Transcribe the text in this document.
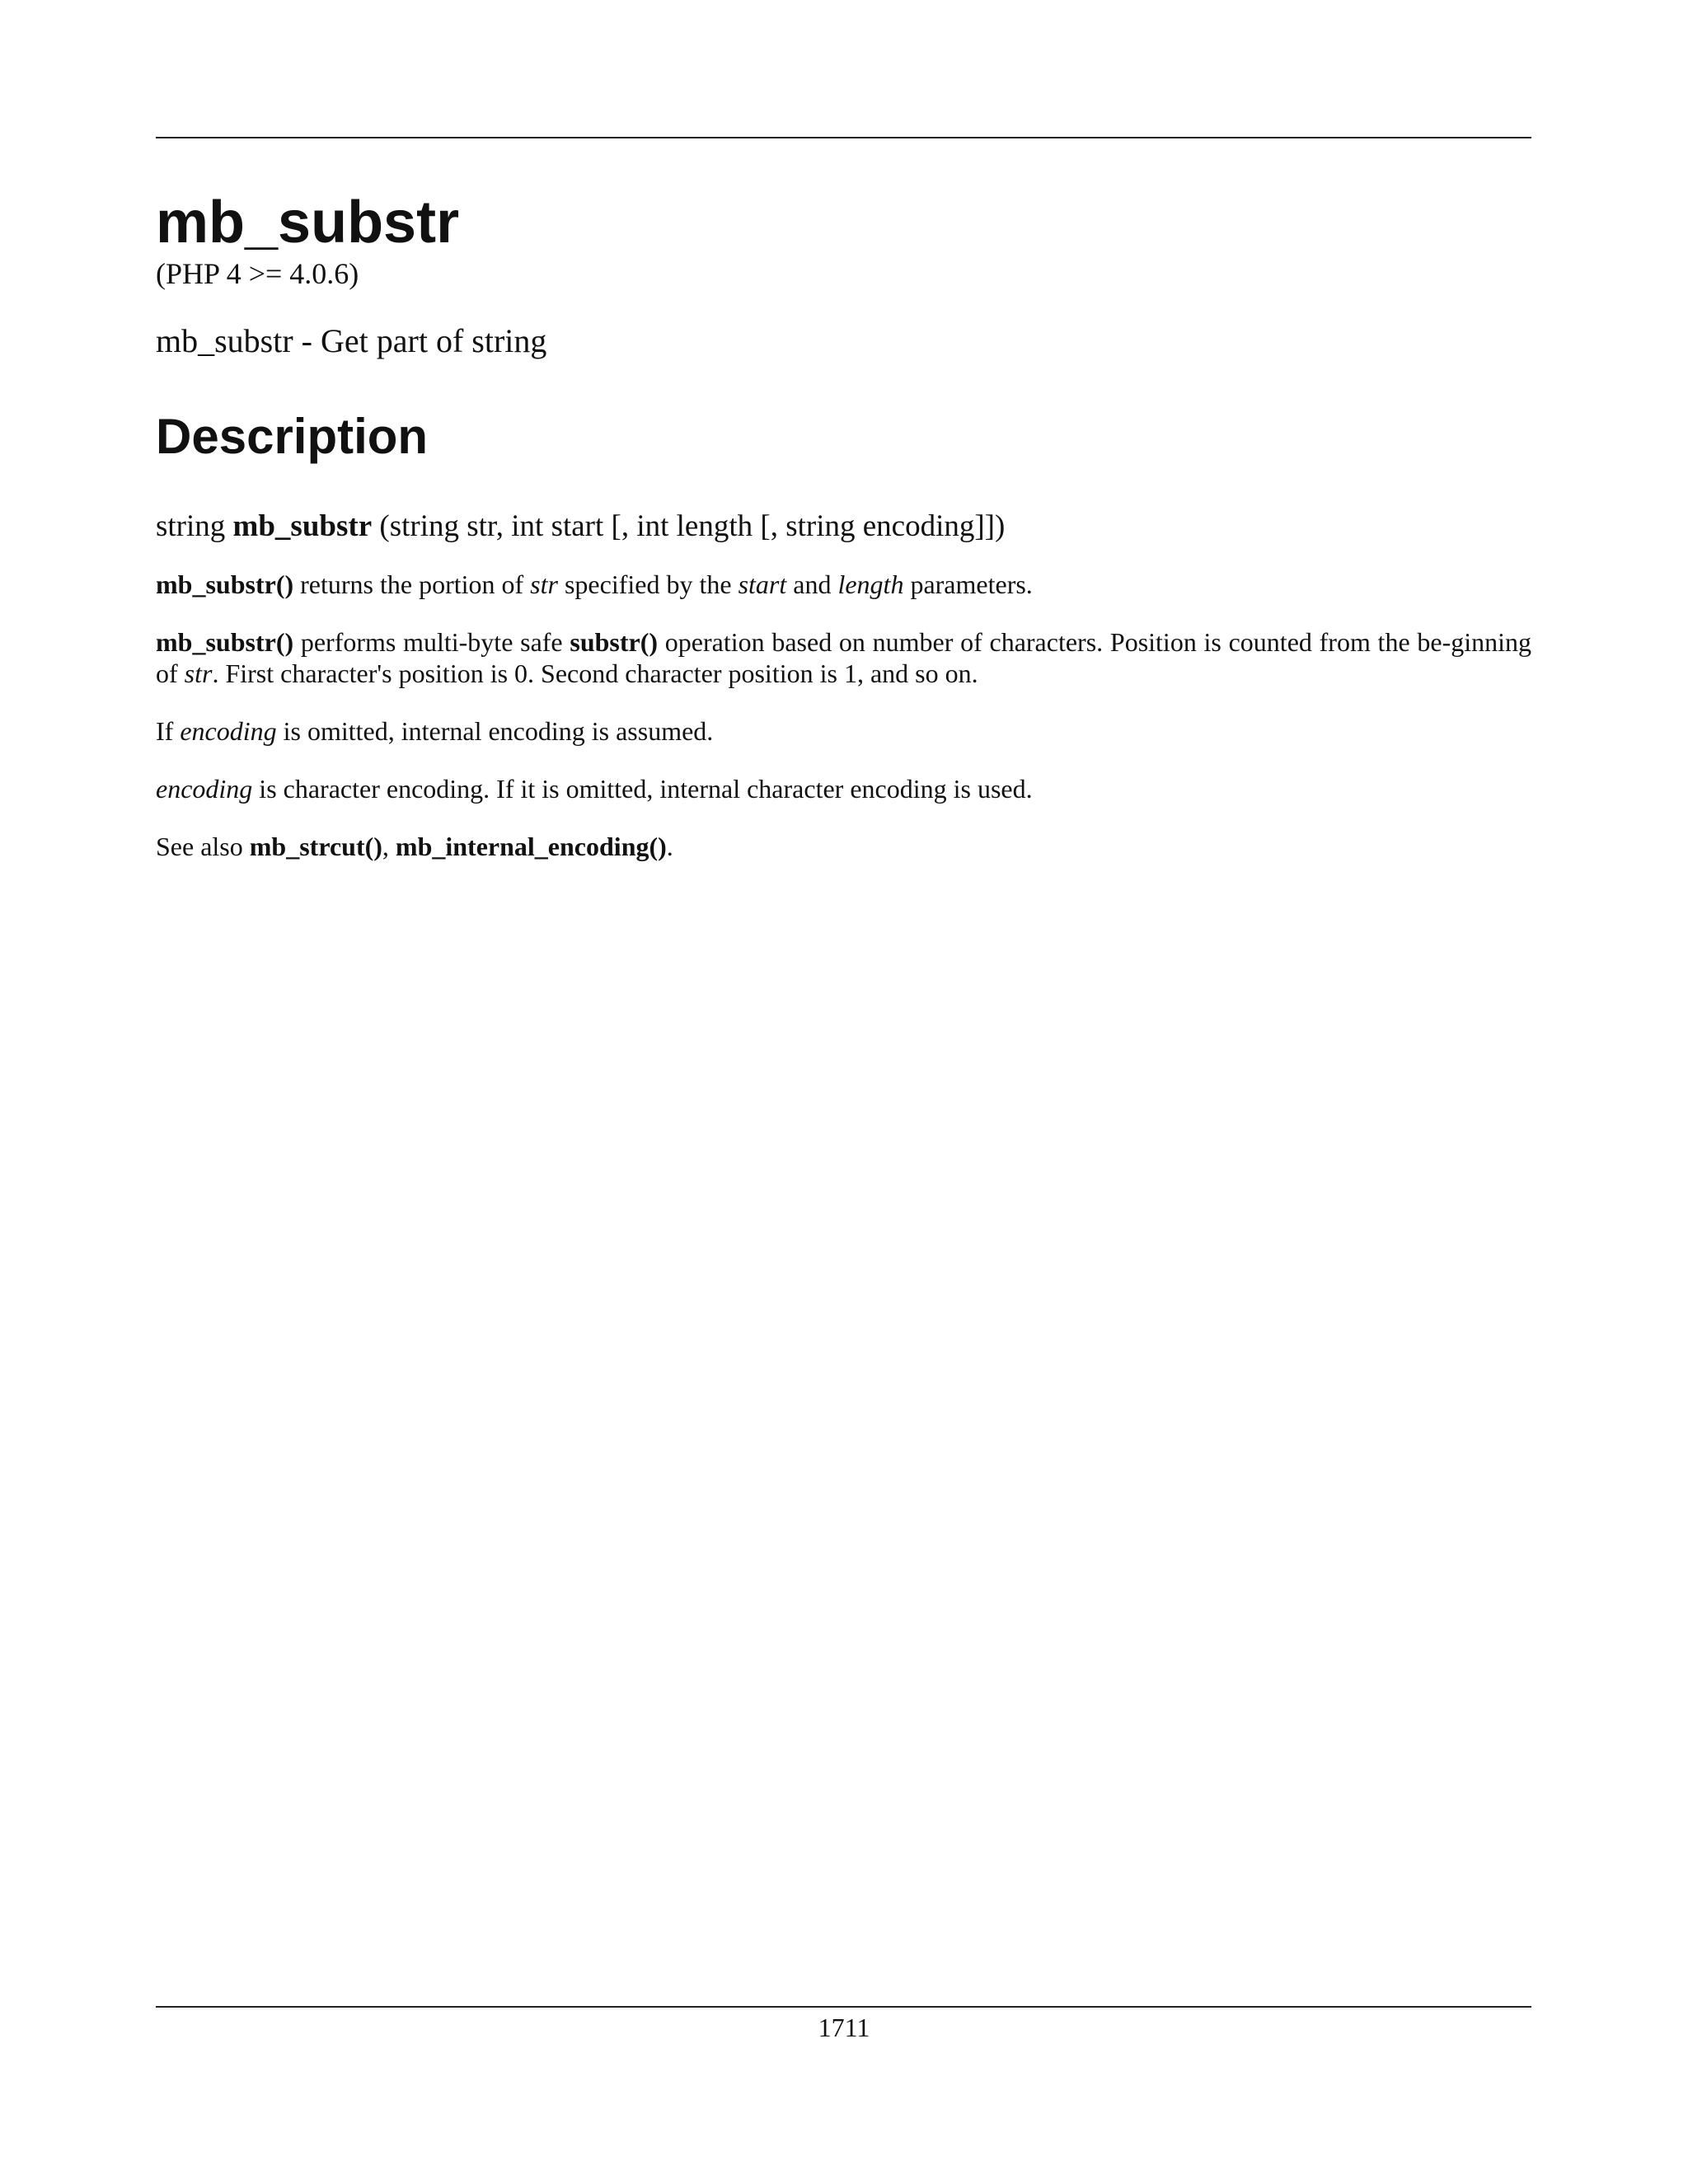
mb_substr

(PHP 4 >= 4.0.6)

mb_substr - Get part of string

Description

string mb_substr (string str, int start [, int length [, string encoding]])

mb_substr() returns the portion of str specified by the start and length parameters.

mb_substr() performs multi-byte safe substr() operation based on number of characters. Position is counted from the be-ginning of str. First character's position is 0. Second character position is 1, and so on.

If encoding is omitted, internal encoding is assumed.

encoding is character encoding. If it is omitted, internal character encoding is used.

See also mb_strcut(), mb_internal_encoding().

1711
